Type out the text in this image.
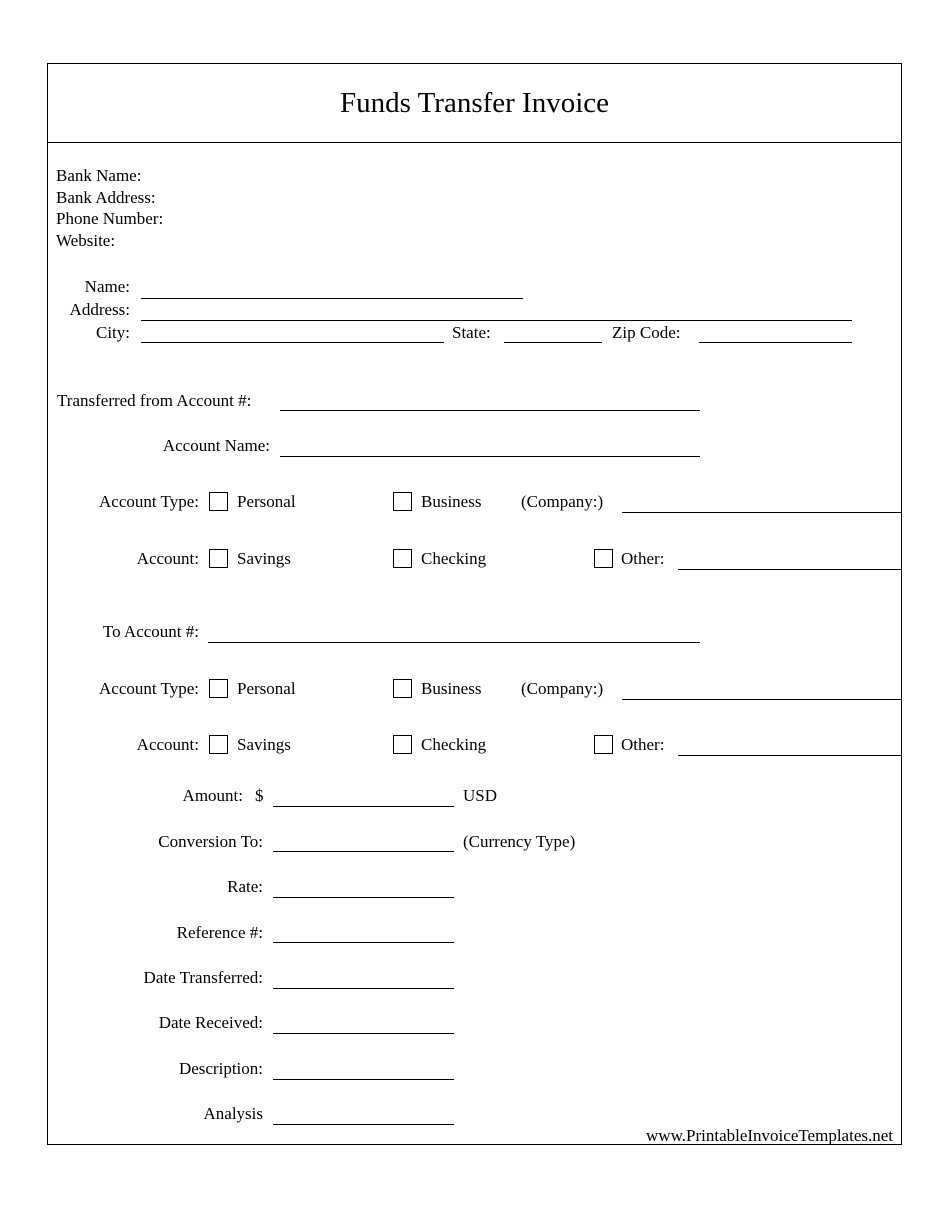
Funds Transfer Invoice
Bank Name:
Bank Address:
Phone Number:
Website:
Name:
Address:
City:	State:	Zip Code:
Transferred from Account #:
Account Name:
Account Type: Personal	Business (Company:)
Account: Savings	Checking	Other:
To Account #:
Account Type: Personal	Business (Company:)
Account: Savings	Checking	Other:
Amount: $	USD
Conversion To:	(Currency Type)
Rate:
Reference #:
Date Transferred:
Date Received:
Description:
Analysis
www.PrintableInvoiceTemplates.net
